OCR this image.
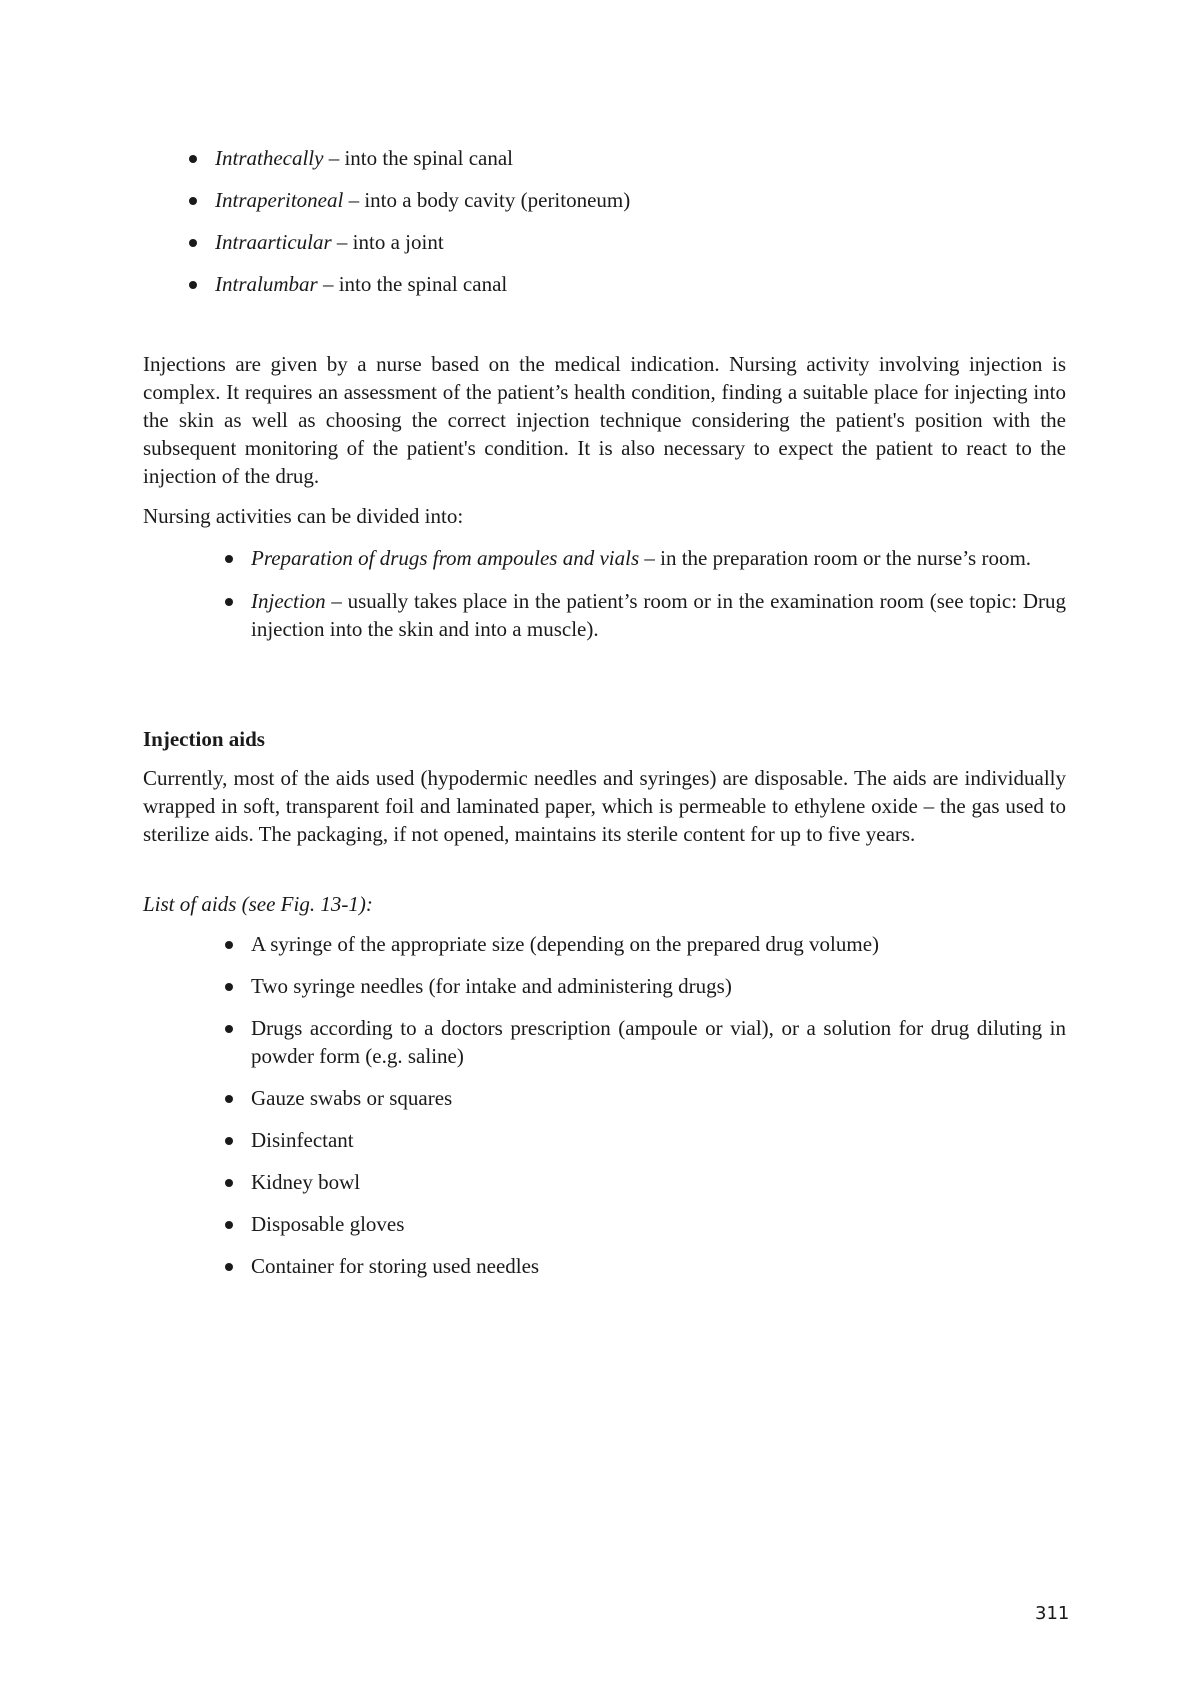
Intrathecally – into the spinal canal
Intraperitoneal – into a body cavity (peritoneum)
Intraarticular – into a joint
Intralumbar – into the spinal canal

Injections are given by a nurse based on the medical indication. Nursing activity involving injection is complex. It requires an assessment of the patient’s health condition, finding a suitable place for injecting into the skin as well as choosing the correct injection technique considering the patient's position with the subsequent monitoring of the patient's condition. It is also necessary to expect the patient to react to the injection of the drug.

Nursing activities can be divided into:

Preparation of drugs from ampoules and vials – in the preparation room or the nurse’s room.
Injection – usually takes place in the patient’s room or in the examination room (see topic: Drug injection into the skin and into a muscle).
Injection aids

Currently, most of the aids used (hypodermic needles and syringes) are disposable. The aids are individually wrapped in soft, transparent foil and laminated paper, which is permeable to ethylene oxide – the gas used to sterilize aids. The packaging, if not opened, maintains its sterile content for up to five years.

List of aids (see Fig. 13-1):

A syringe of the appropriate size (depending on the prepared drug volume)
Two syringe needles (for intake and administering drugs)
Drugs according to a doctors prescription (ampoule or vial), or a solution for drug diluting in powder form (e.g. saline)
Gauze swabs or squares
Disinfectant
Kidney bowl
Disposable gloves
Container for storing used needles
311
